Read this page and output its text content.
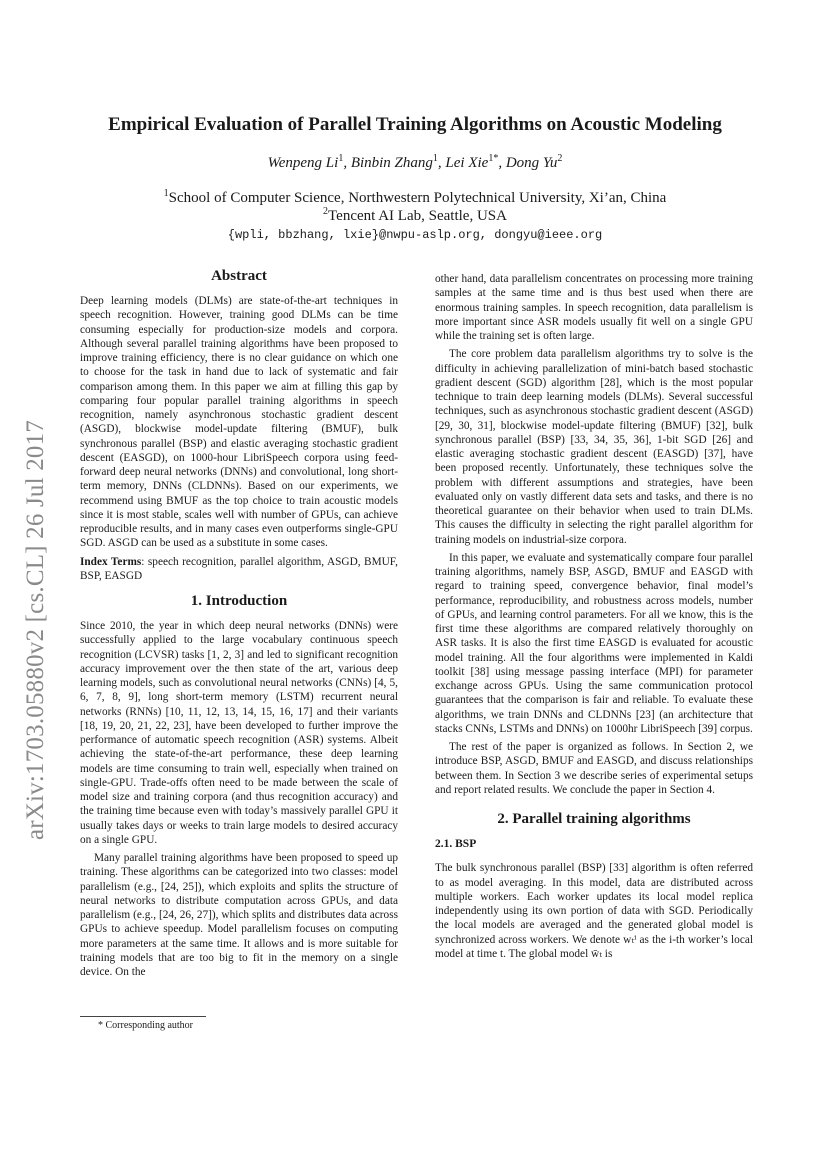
arXiv:1703.05880v2 [cs.CL] 26 Jul 2017
Empirical Evaluation of Parallel Training Algorithms on Acoustic Modeling
Wenpeng Li$^1$, Binbin Zhang$^1$, Lei Xie$^{1*}$, Dong Yu$^2$
$^1$School of Computer Science, Northwestern Polytechnical University, Xi’an, China
$^2$Tencent AI Lab, Seattle, USA
{wpli, bbzhang, lxie}@nwpu-aslp.org, dongyu@ieee.org
Abstract

Deep learning models (DLMs) are state-of-the-art techniques in speech recognition. However, training good DLMs can be time consuming especially for production-size models and corpora. Although several parallel training algorithms have been proposed to improve training efficiency, there is no clear guidance on which one to choose for the task in hand due to lack of systematic and fair comparison among them. In this paper we aim at filling this gap by comparing four popular parallel training algorithms in speech recognition, namely asynchronous stochastic gradient descent (ASGD), blockwise model-update filtering (BMUF), bulk synchronous parallel (BSP) and elastic averaging stochastic gradient descent (EASGD), on 1000-hour LibriSpeech corpora using feed-forward deep neural networks (DNNs) and convolutional, long short-term memory, DNNs (CLDNNs). Based on our experiments, we recommend using BMUF as the top choice to train acoustic models since it is most stable, scales well with number of GPUs, can achieve reproducible results, and in many cases even outperforms single-GPU SGD. ASGD can be used as a substitute in some cases.

Index Terms: speech recognition, parallel algorithm, ASGD, BMUF, BSP, EASGD

1. Introduction

Since 2010, the year in which deep neural networks (DNNs) were successfully applied to the large vocabulary continuous speech recognition (LCVSR) tasks [1, 2, 3] and led to significant recognition accuracy improvement over the then state of the art, various deep learning models, such as convolutional neural networks (CNNs) [4, 5, 6, 7, 8, 9], long short-term memory (LSTM) recurrent neural networks (RNNs) [10, 11, 12, 13, 14, 15, 16, 17] and their variants [18, 19, 20, 21, 22, 23], have been developed to further improve the performance of automatic speech recognition (ASR) systems. Albeit achieving the state-of-the-art performance, these deep learning models are time consuming to train well, especially when trained on single-GPU. Trade-offs often need to be made between the scale of model size and training corpora (and thus recognition accuracy) and the training time because even with today’s massively parallel GPU it usually takes days or weeks to train large models to desired accuracy on a single GPU.

Many parallel training algorithms have been proposed to speed up training. These algorithms can be categorized into two classes: model parallelism (e.g., [24, 25]), which exploits and splits the structure of neural networks to distribute computation across GPUs, and data parallelism (e.g., [24, 26, 27]), which splits and distributes data across GPUs to achieve speedup. Model parallelism focuses on computing more parameters at the same time. It allows and is more suitable for training models that are too big to fit in the memory on a single device. On the

other hand, data parallelism concentrates on processing more training samples at the same time and is thus best used when there are enormous training samples. In speech recognition, data parallelism is more important since ASR models usually fit well on a single GPU while the training set is often large.

The core problem data parallelism algorithms try to solve is the difficulty in achieving parallelization of mini-batch based stochastic gradient descent (SGD) algorithm [28], which is the most popular technique to train deep learning models (DLMs). Several successful techniques, such as asynchronous stochastic gradient descent (ASGD) [29, 30, 31], blockwise model-update filtering (BMUF) [32], bulk synchronous parallel (BSP) [33, 34, 35, 36], 1-bit SGD [26] and elastic averaging stochastic gradient descent (EASGD) [37], have been proposed recently. Unfortunately, these techniques solve the problem with different assumptions and strategies, have been evaluated only on vastly different data sets and tasks, and there is no theoretical guarantee on their behavior when used to train DLMs. This causes the difficulty in selecting the right parallel algorithm for training models on industrial-size corpora.

In this paper, we evaluate and systematically compare four parallel training algorithms, namely BSP, ASGD, BMUF and EASGD with regard to training speed, convergence behavior, final model’s performance, reproducibility, and robustness across models, number of GPUs, and learning control parameters. For all we know, this is the first time these algorithms are compared relatively thoroughly on ASR tasks. It is also the first time EASGD is evaluated for acoustic model training. All the four algorithms were implemented in Kaldi toolkit [38] using message passing interface (MPI) for parameter exchange across GPUs. Using the same communication protocol guarantees that the comparison is fair and reliable. To evaluate these algorithms, we train DNNs and CLDNNs [23] (an architecture that stacks CNNs, LSTMs and DNNs) on 1000hr LibriSpeech [39] corpus.

The rest of the paper is organized as follows. In Section 2, we introduce BSP, ASGD, BMUF and EASGD, and discuss relationships between them. In Section 3 we describe series of experimental setups and report related results. We conclude the paper in Section 4.

2. Parallel training algorithms
2.1. BSP

The bulk synchronous parallel (BSP) [33] algorithm is often referred to as model averaging. In this model, data are distributed across multiple workers. Each worker updates its local model replica independently using its own portion of data with SGD. Periodically the local models are averaged and the generated global model is synchronized across workers. We denote wₜⁱ as the i-th worker’s local model at time t. The global model w̄ₜ is

* Corresponding author
